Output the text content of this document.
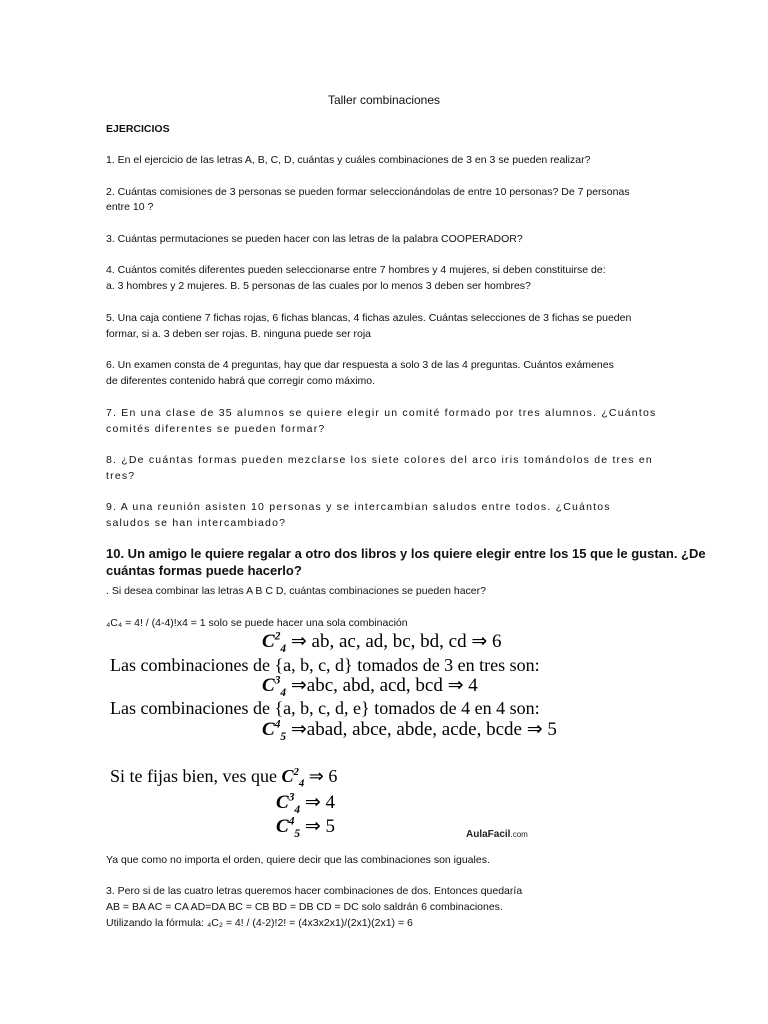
Taller combinaciones
EJERCICIOS
1. En el ejercicio de las letras A, B, C, D, cuántas y cuáles combinaciones de 3 en 3 se pueden realizar?
2. Cuántas comisiones de 3 personas se pueden formar seleccionándolas de entre 10 personas? De 7 personas
entre 10 ?
3. Cuántas permutaciones se pueden hacer con las letras de la palabra COOPERADOR?
4. Cuántos comités diferentes pueden seleccionarse entre 7 hombres y 4 mujeres, si deben constituirse de:
a. 3 hombres y 2 mujeres. B. 5 personas de las cuales por lo menos 3 deben ser hombres?
5. Una caja contiene 7 fichas rojas, 6 fichas blancas, 4 fichas azules. Cuántas selecciones de 3 fichas se pueden
formar, si a. 3 deben ser rojas. B. ninguna puede ser roja
6. Un examen consta de 4 preguntas, hay que dar respuesta a solo 3 de las 4 preguntas. Cuántos exámenes
de diferentes contenido habrá que corregir como máximo.
7. En una clase de 35 alumnos se quiere elegir un comité formado por tres alumnos. ¿Cuántos
comités diferentes se pueden formar?
8. ¿De cuántas formas pueden mezclarse los siete colores del arco iris tomándolos de tres en
tres?
9. A una reunión asisten 10 personas y se intercambian saludos entre todos. ¿Cuántos
saludos se han intercambiado?
10. Un amigo le quiere regalar a otro dos libros y los quiere elegir entre los 15 que le gustan. ¿De
cuántas formas puede hacerlo?
. Si desea combinar las letras A B C D, cuántas combinaciones se pueden hacer?
₄C₄ = 4! / (4-4)!x4 = 1 solo se puede hacer una sola combinación
$C^2_4$ ⇒ ab, ac, ad, bc, bd, cd ⇒ 6
Las combinaciones de {a, b, c, d} tomados de 3 en tres son:
$C^3_4$ ⇒abc, abd, acd, bcd ⇒ 4
Las combinaciones de {a, b, c, d, e} tomados de 4 en 4 son:
$C^4_5$ ⇒abad, abce, abde, acde, bcde ⇒ 5
Si te fijas bien, ves que $C^2_4$ ⇒ 6
$C^3_4$ ⇒ 4
$C^4_5$ ⇒ 5	AulaFacil.com
Ya que como no importa el orden, quiere decir que las combinaciones son iguales.
3. Pero si de las cuatro letras queremos hacer combinaciones de dos. Entonces quedaría
AB = BA AC = CA AD=DA BC = CB BD = DB CD = DC solo saldrán 6 combinaciones.
Utilizando la fórmula: ₄C₂ = 4! / (4-2)!2! = (4x3x2x1)/(2x1)(2x1) = 6
